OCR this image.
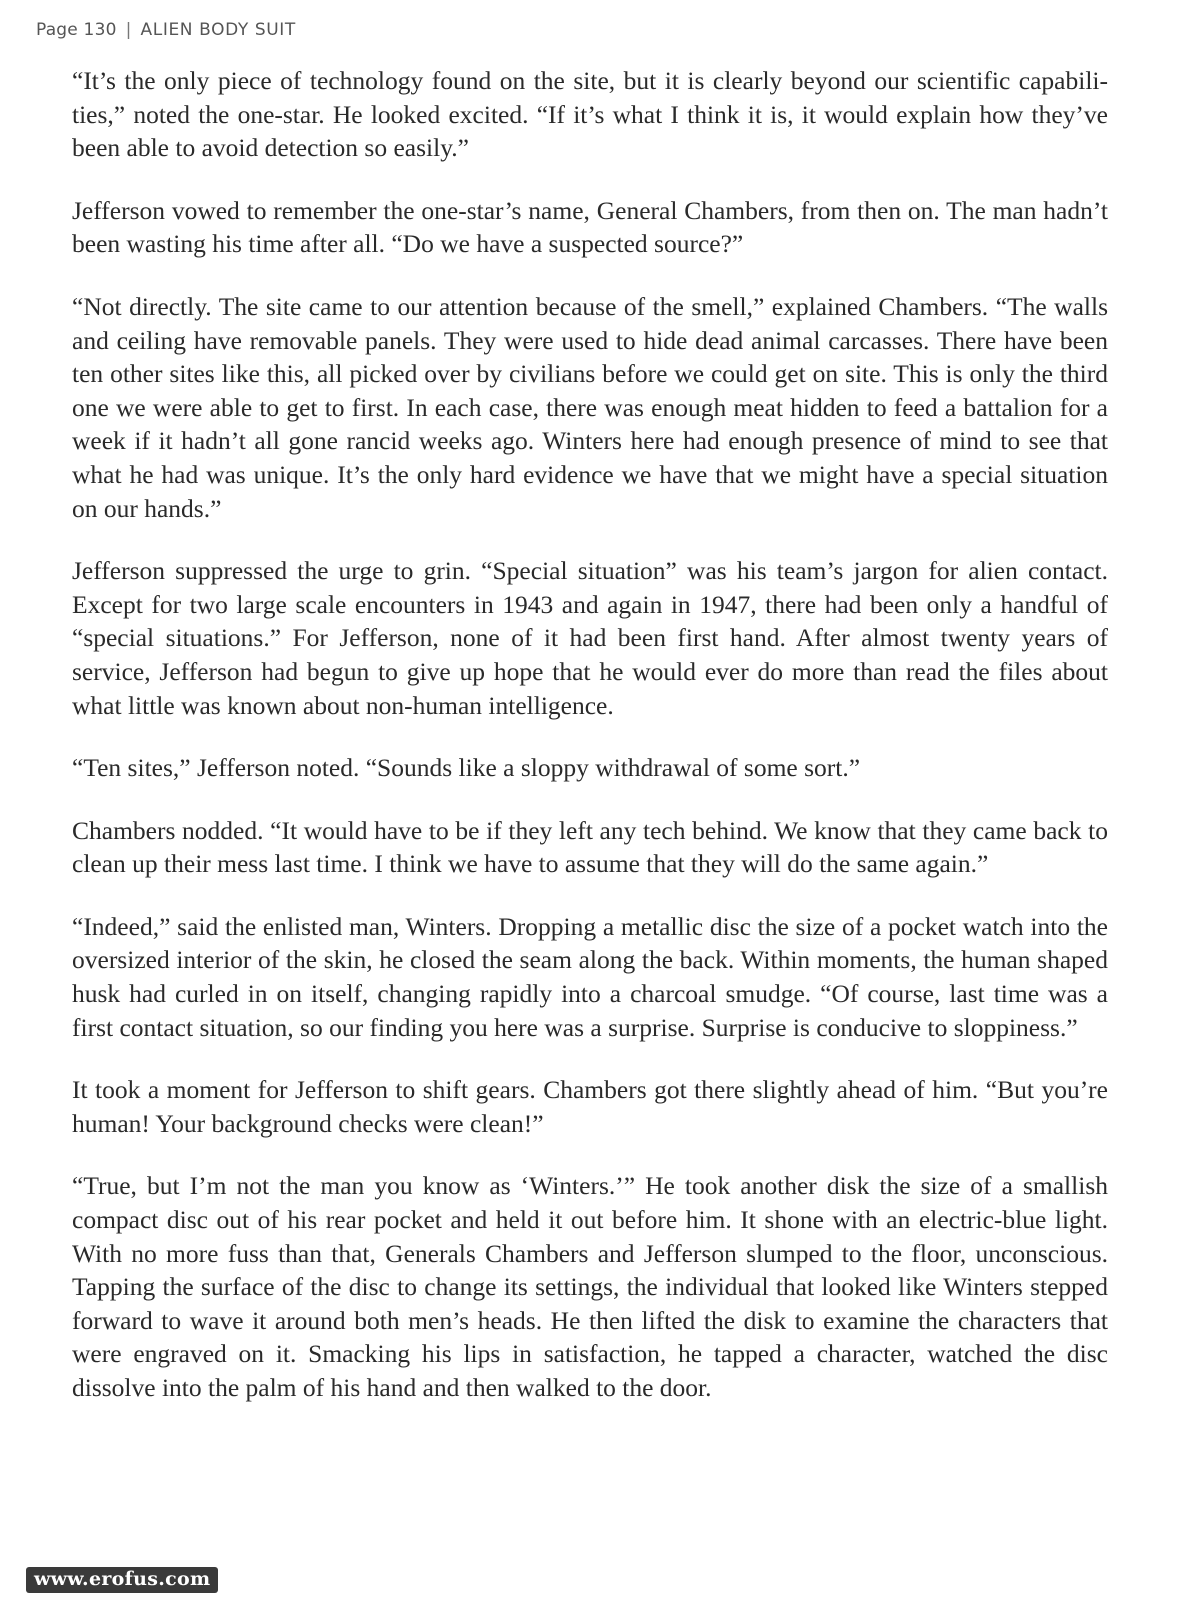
Page 130 | ALIEN BODY SUIT

“It’s the only piece of technology found on the site, but it is clearly beyond our scientific capabilities,” noted the one-star. He looked excited. “If it’s what I think it is, it would explain how they’ve been able to avoid detection so easily.”

Jefferson vowed to remember the one-star’s name, General Chambers, from then on. The man hadn’t been wasting his time after all. “Do we have a suspected source?”

“Not directly. The site came to our attention because of the smell,” explained Chambers. “The walls and ceiling have removable panels. They were used to hide dead animal carcasses. There have been ten other sites like this, all picked over by civilians before we could get on site. This is only the third one we were able to get to first. In each case, there was enough meat hidden to feed a battalion for a week if it hadn’t all gone rancid weeks ago. Winters here had enough presence of mind to see that what he had was unique. It’s the only hard evidence we have that we might have a special situation on our hands.”

Jefferson suppressed the urge to grin. “Special situation” was his team’s jargon for alien contact. Except for two large scale encounters in 1943 and again in 1947, there had been only a handful of “special situations.” For Jefferson, none of it had been first hand. After almost twenty years of service, Jefferson had begun to give up hope that he would ever do more than read the files about what little was known about non-human intelligence.

“Ten sites,” Jefferson noted. “Sounds like a sloppy withdrawal of some sort.”

Chambers nodded. “It would have to be if they left any tech behind. We know that they came back to clean up their mess last time. I think we have to assume that they will do the same again.”

“Indeed,” said the enlisted man, Winters. Dropping a metallic disc the size of a pocket watch into the oversized interior of the skin, he closed the seam along the back. Within moments, the human shaped husk had curled in on itself, changing rapidly into a charcoal smudge. “Of course, last time was a first contact situation, so our finding you here was a surprise. Surprise is conducive to sloppiness.”

It took a moment for Jefferson to shift gears. Chambers got there slightly ahead of him. “But you’re human! Your background checks were clean!”

“True, but I’m not the man you know as ‘Winters.’” He took another disk the size of a smallish compact disc out of his rear pocket and held it out before him. It shone with an electric-blue light. With no more fuss than that, Generals Chambers and Jefferson slumped to the floor, unconscious. Tapping the surface of the disc to change its settings, the individual that looked like Winters stepped forward to wave it around both men’s heads. He then lifted the disk to examine the characters that were engraved on it. Smacking his lips in satisfaction, he tapped a character, watched the disc dissolve into the palm of his hand and then walked to the door.

www.erofus.com
